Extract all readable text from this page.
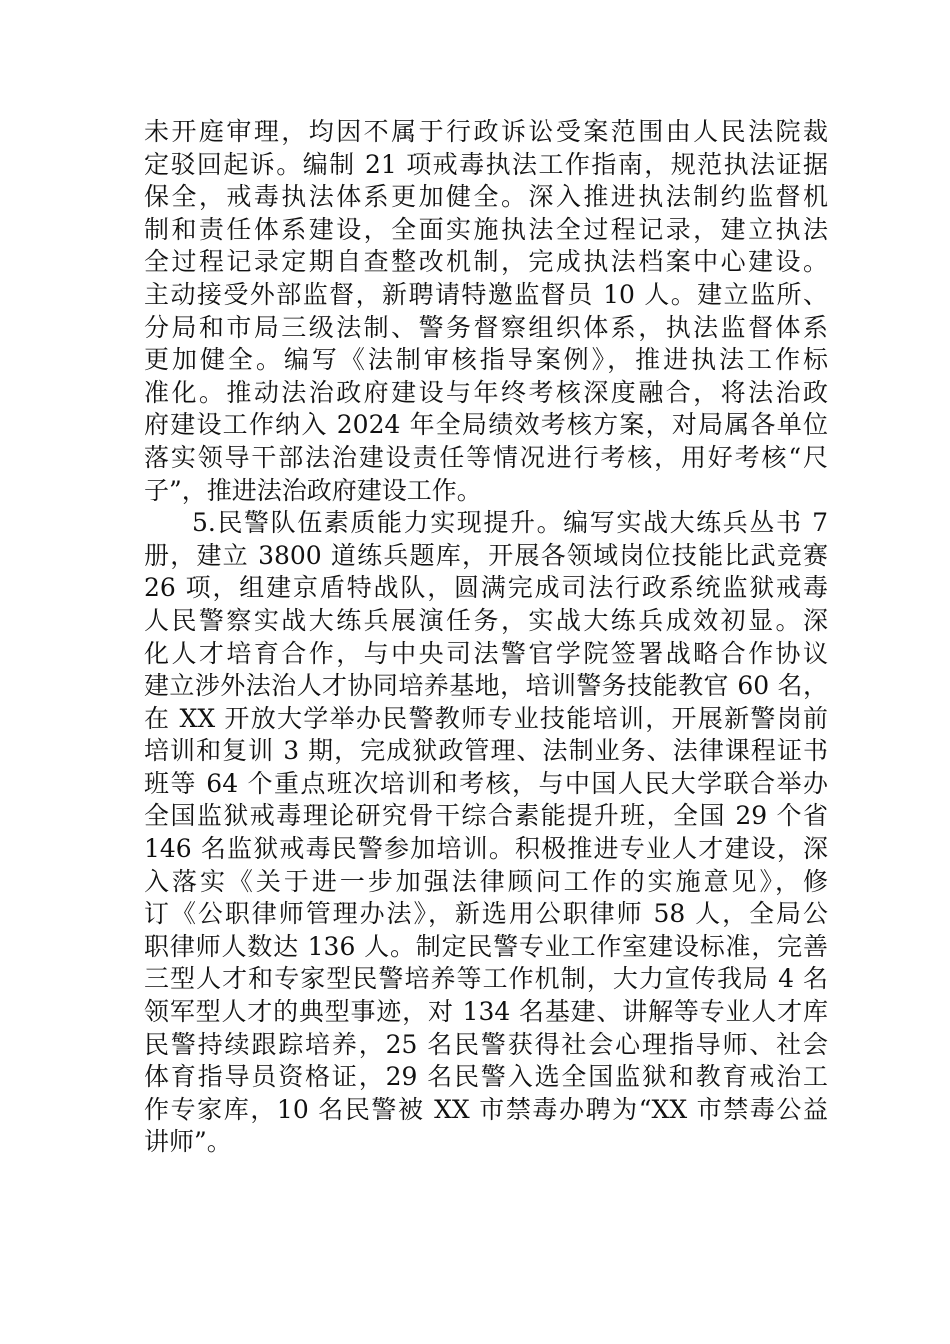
未开庭审理，均因不属于行政诉讼受案范围由人民法院裁
定驳回起诉。编制 21 项戒毒执法工作指南，规范执法证据
保全，戒毒执法体系更加健全。深入推进执法制约监督机
制和责任体系建设，全面实施执法全过程记录，建立执法
全过程记录定期自查整改机制，完成执法档案中心建设。
主动接受外部监督，新聘请特邀监督员 10 人。建立监所、
分局和市局三级法制、警务督察组织体系，执法监督体系
更加健全。编写《法制审核指导案例》，推进执法工作标
准化。推动法治政府建设与年终考核深度融合，将法治政
府建设工作纳入 2024 年全局绩效考核方案，对局属各单位
落实领导干部法治建设责任等情况进行考核，用好考核“尺
子”，推进法治政府建设工作。
5.民警队伍素质能力实现提升。编写实战大练兵丛书 7
册，建立 3800 道练兵题库，开展各领域岗位技能比武竞赛
26 项，组建京盾特战队，圆满完成司法行政系统监狱戒毒
人民警察实战大练兵展演任务，实战大练兵成效初显。深
化人才培育合作，与中央司法警官学院签署战略合作协议
建立涉外法治人才协同培养基地，培训警务技能教官 60 名，
在 XX 开放大学举办民警教师专业技能培训，开展新警岗前
培训和复训 3 期，完成狱政管理、法制业务、法律课程证书
班等 64 个重点班次培训和考核，与中国人民大学联合举办
全国监狱戒毒理论研究骨干综合素能提升班，全国 29 个省
146 名监狱戒毒民警参加培训。积极推进专业人才建设，深
入落实《关于进一步加强法律顾问工作的实施意见》，修
订《公职律师管理办法》，新选用公职律师 58 人，全局公
职律师人数达 136 人。制定民警专业工作室建设标准，完善
三型人才和专家型民警培养等工作机制，大力宣传我局 4 名
领军型人才的典型事迹，对 134 名基建、讲解等专业人才库
民警持续跟踪培养，25 名民警获得社会心理指导师、社会
体育指导员资格证，29 名民警入选全国监狱和教育戒治工
作专家库，10 名民警被 XX 市禁毒办聘为“XX 市禁毒公益
讲师”。
